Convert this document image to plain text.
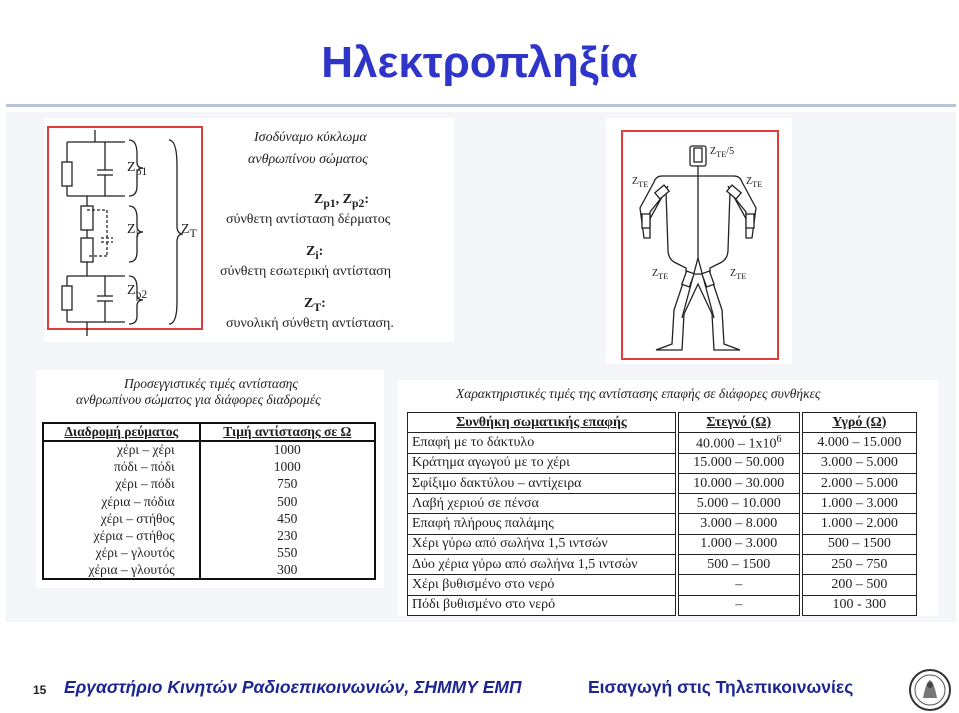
Ηλεκτροπληξία
$Z_{p1}$
$Z_i$
$Z_{p2}$
$Z_T$
Ισοδύναμο κύκλωμα
ανθρωπίνου σώματος
$Z_{p1}$, $Z_{p2}$:
σύνθετη αντίσταση δέρματος
$Z_i$:
σύνθετη εσωτερική αντίσταση
$Z_T$:
συνολική σύνθετη αντίσταση.
$Z_{TE}/5$
$Z_{TE}$	$Z_{TE}$
$Z_{TE}$	$Z_{TE}$
Προσεγγιστικές τιμές αντίστασης
ανθρωπίνου σώματος για διάφορες διαδρομές
Διαδρομή ρεύματος	Τιμή αντίστασης σε Ω
χέρι – χέρι	1000
πόδι – πόδι	1000
χέρι – πόδι	750
χέρια – πόδια	500
χέρι – στήθος	450
χέρια – στήθος	230
χέρι – γλουτός	550
χέρια – γλουτός	300
Χαρακτηριστικές τιμές της αντίστασης επαφής σε διάφορες συνθήκες
Συνθήκη σωματικής επαφής	Στεγνό (Ω)	Υγρό (Ω)
Επαφή με το δάκτυλο	$40.000 - 1x10^6$	4.000 – 15.000
Κράτημα αγωγού με το χέρι	15.000 – 50.000	3.000 – 5.000
Σφίξιμο δακτύλου – αντίχειρα	10.000 – 30.000	2.000 – 5.000
Λαβή χεριού σε πένσα	5.000 – 10.000	1.000 – 3.000
Επαφή πλήρους παλάμης	3.000 – 8.000	1.000 – 2.000
Χέρι γύρω από σωλήνα 1,5 ιντσών	1.000 – 3.000	500 – 1500
Δύο χέρια γύρω από σωλήνα 1,5 ιντσών	500 – 1500	250 – 750
Χέρι βυθισμένο στο νερό	–	200 – 500
Πόδι βυθισμένο στο νερό	–	100 - 300
15 Εργαστήριο Κινητών Ραδιοεπικοινωνιών, ΣΗΜΜΥ ΕΜΠ	Εισαγωγή στις Τηλεπικοινωνίες
